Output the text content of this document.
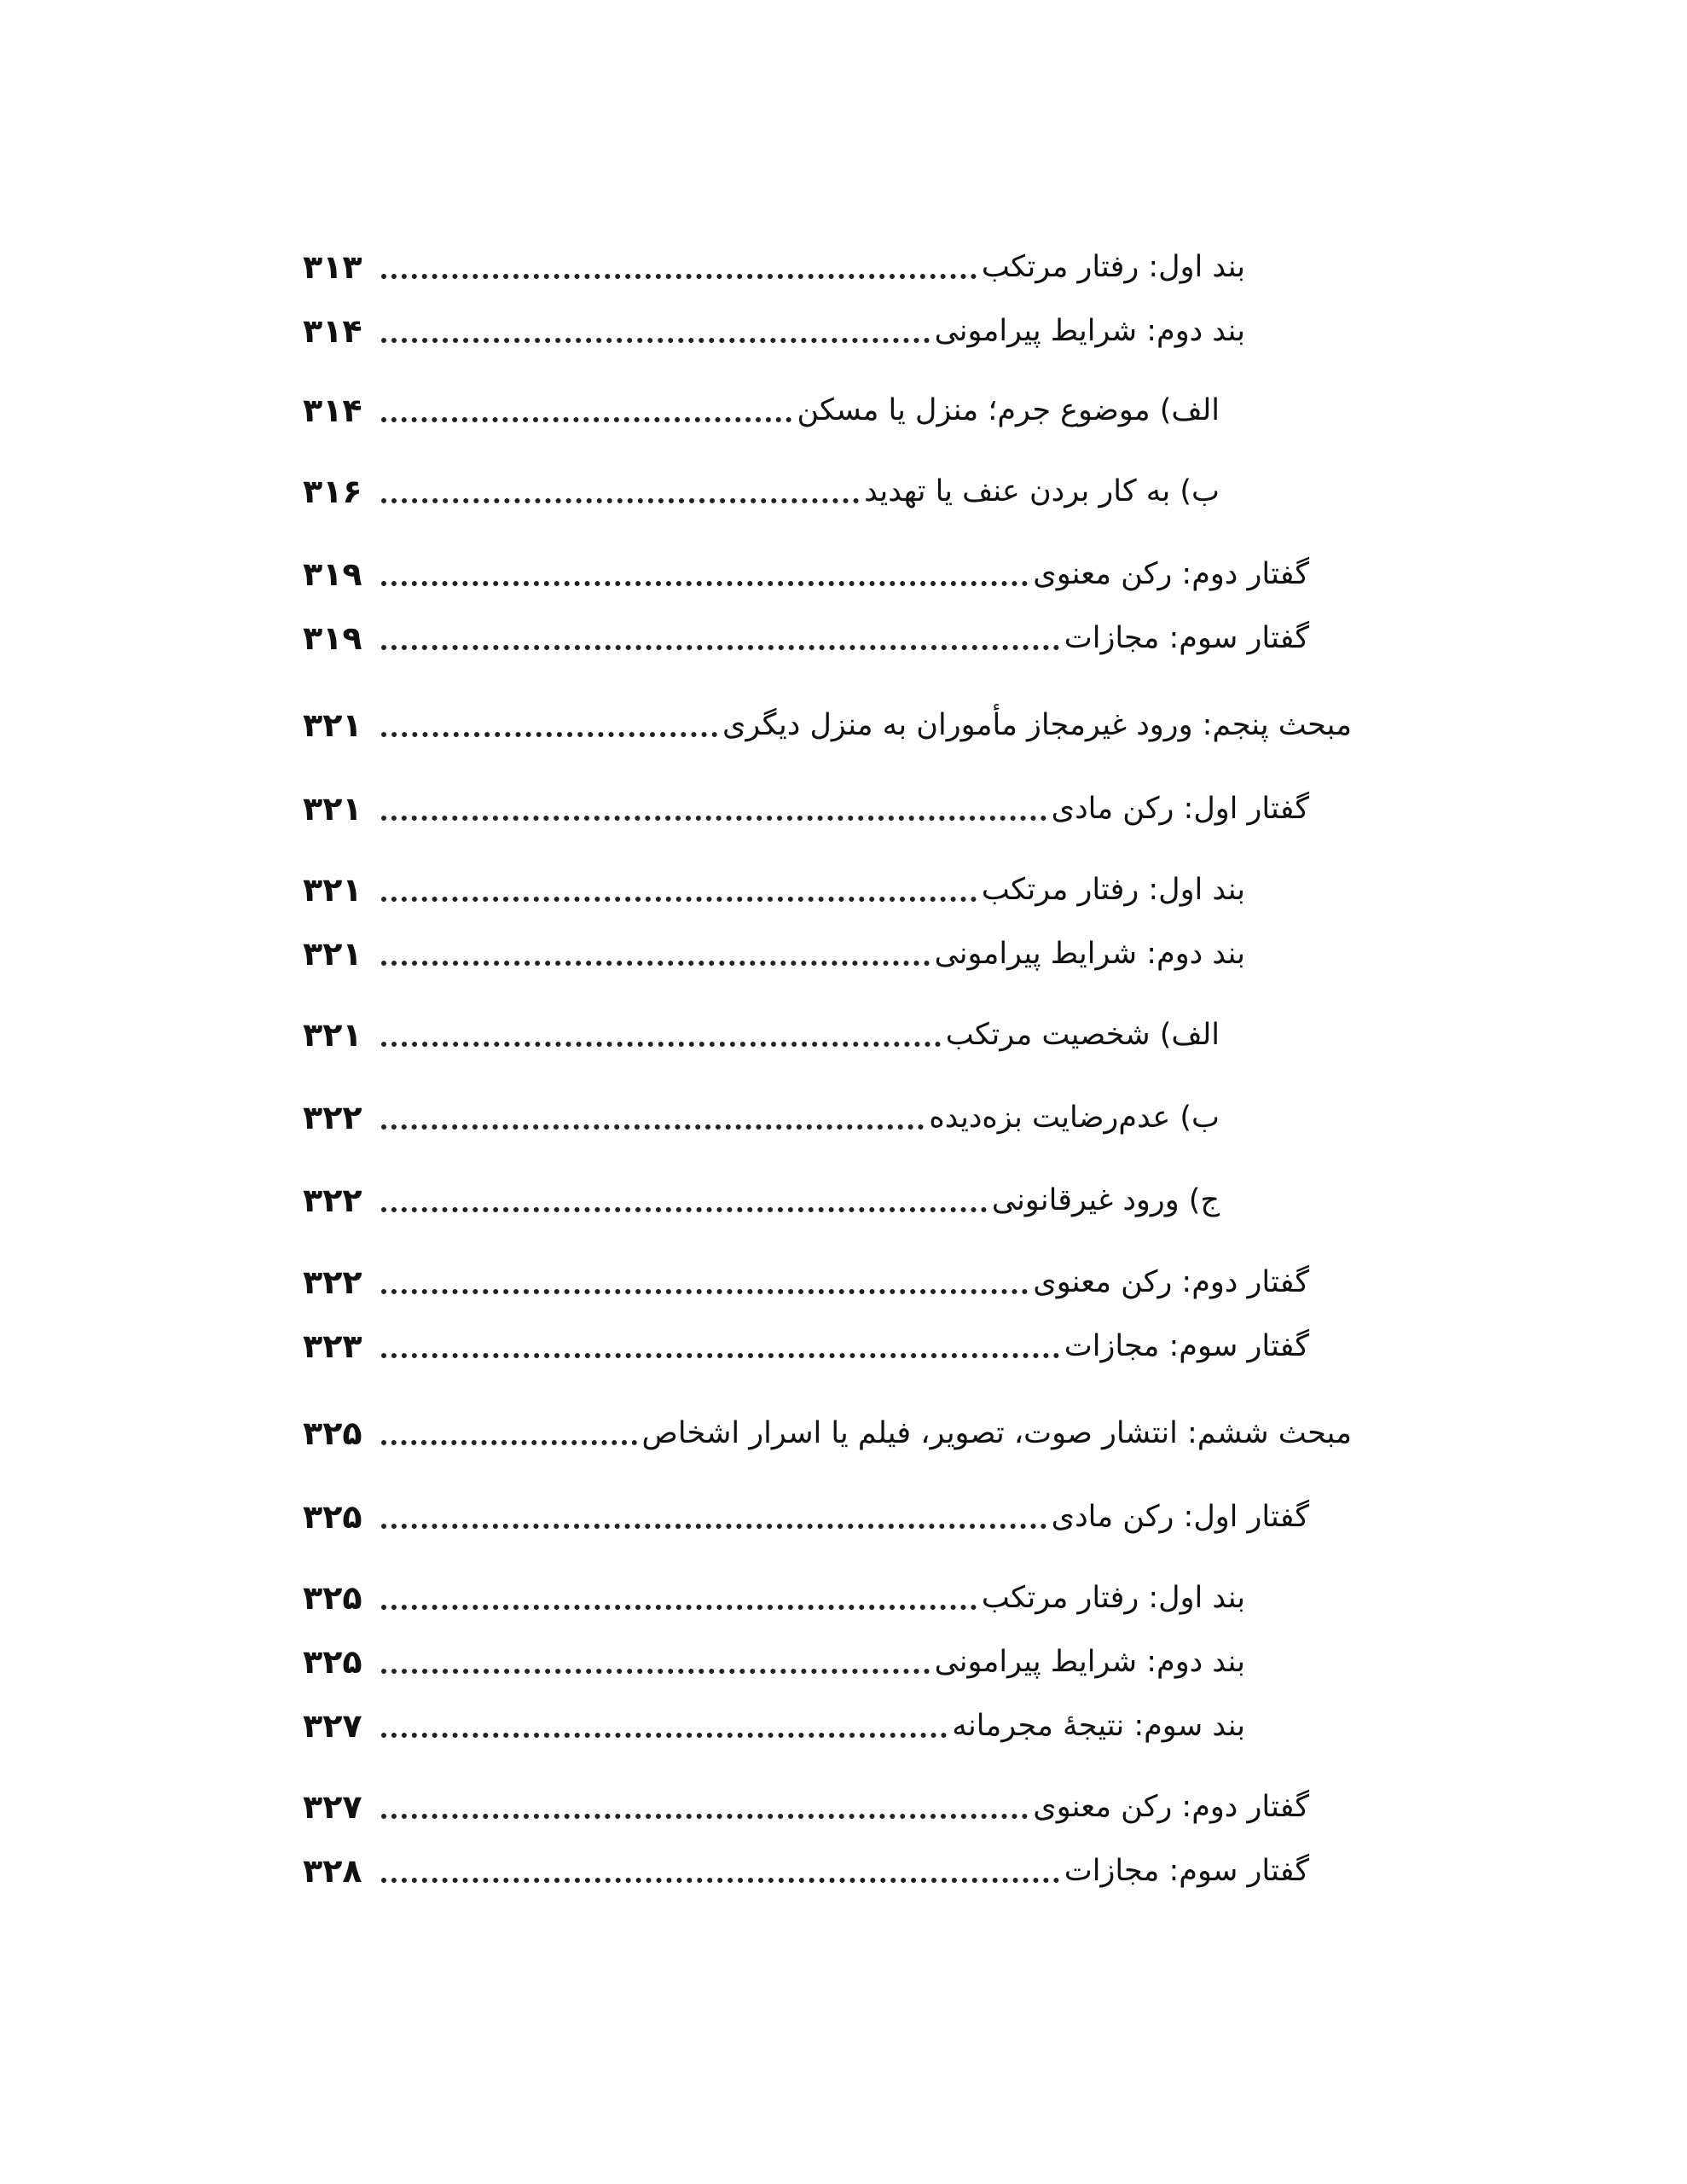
۳۱۳	بند اول: رفتار مرتکب
۳۱۴	بند دوم: شرایط پیرامونی
۳۱۴	الف) موضوع جرم؛ منزل یا مسکن
۳۱۶	ب) به کار بردن عنف یا تهدید
۳۱۹	گفتار دوم: رکن معنوی
۳۱۹	گفتار سوم: مجازات
۳۲۱	مبحث پنجم: ورود غیرمجاز مأموران به منزل دیگری
۳۲۱	گفتار اول: رکن مادی
۳۲۱	بند اول: رفتار مرتکب
۳۲۱	بند دوم: شرایط پیرامونی
۳۲۱	الف) شخصیت مرتکب
۳۲۲	ب) عدم‌رضایت بزه‌دیده
۳۲۲	ج) ورود غیرقانونی
۳۲۲	گفتار دوم: رکن معنوی
۳۲۳	گفتار سوم: مجازات
۳۲۵	مبحث ششم: انتشار صوت، تصویر، فیلم یا اسرار اشخاص
۳۲۵	گفتار اول: رکن مادی
۳۲۵	بند اول: رفتار مرتکب
۳۲۵	بند دوم: شرایط پیرامونی
۳۲۷	بند سوم: نتیجهٔ مجرمانه
۳۲۷	گفتار دوم: رکن معنوی
۳۲۸	گفتار سوم: مجازات
